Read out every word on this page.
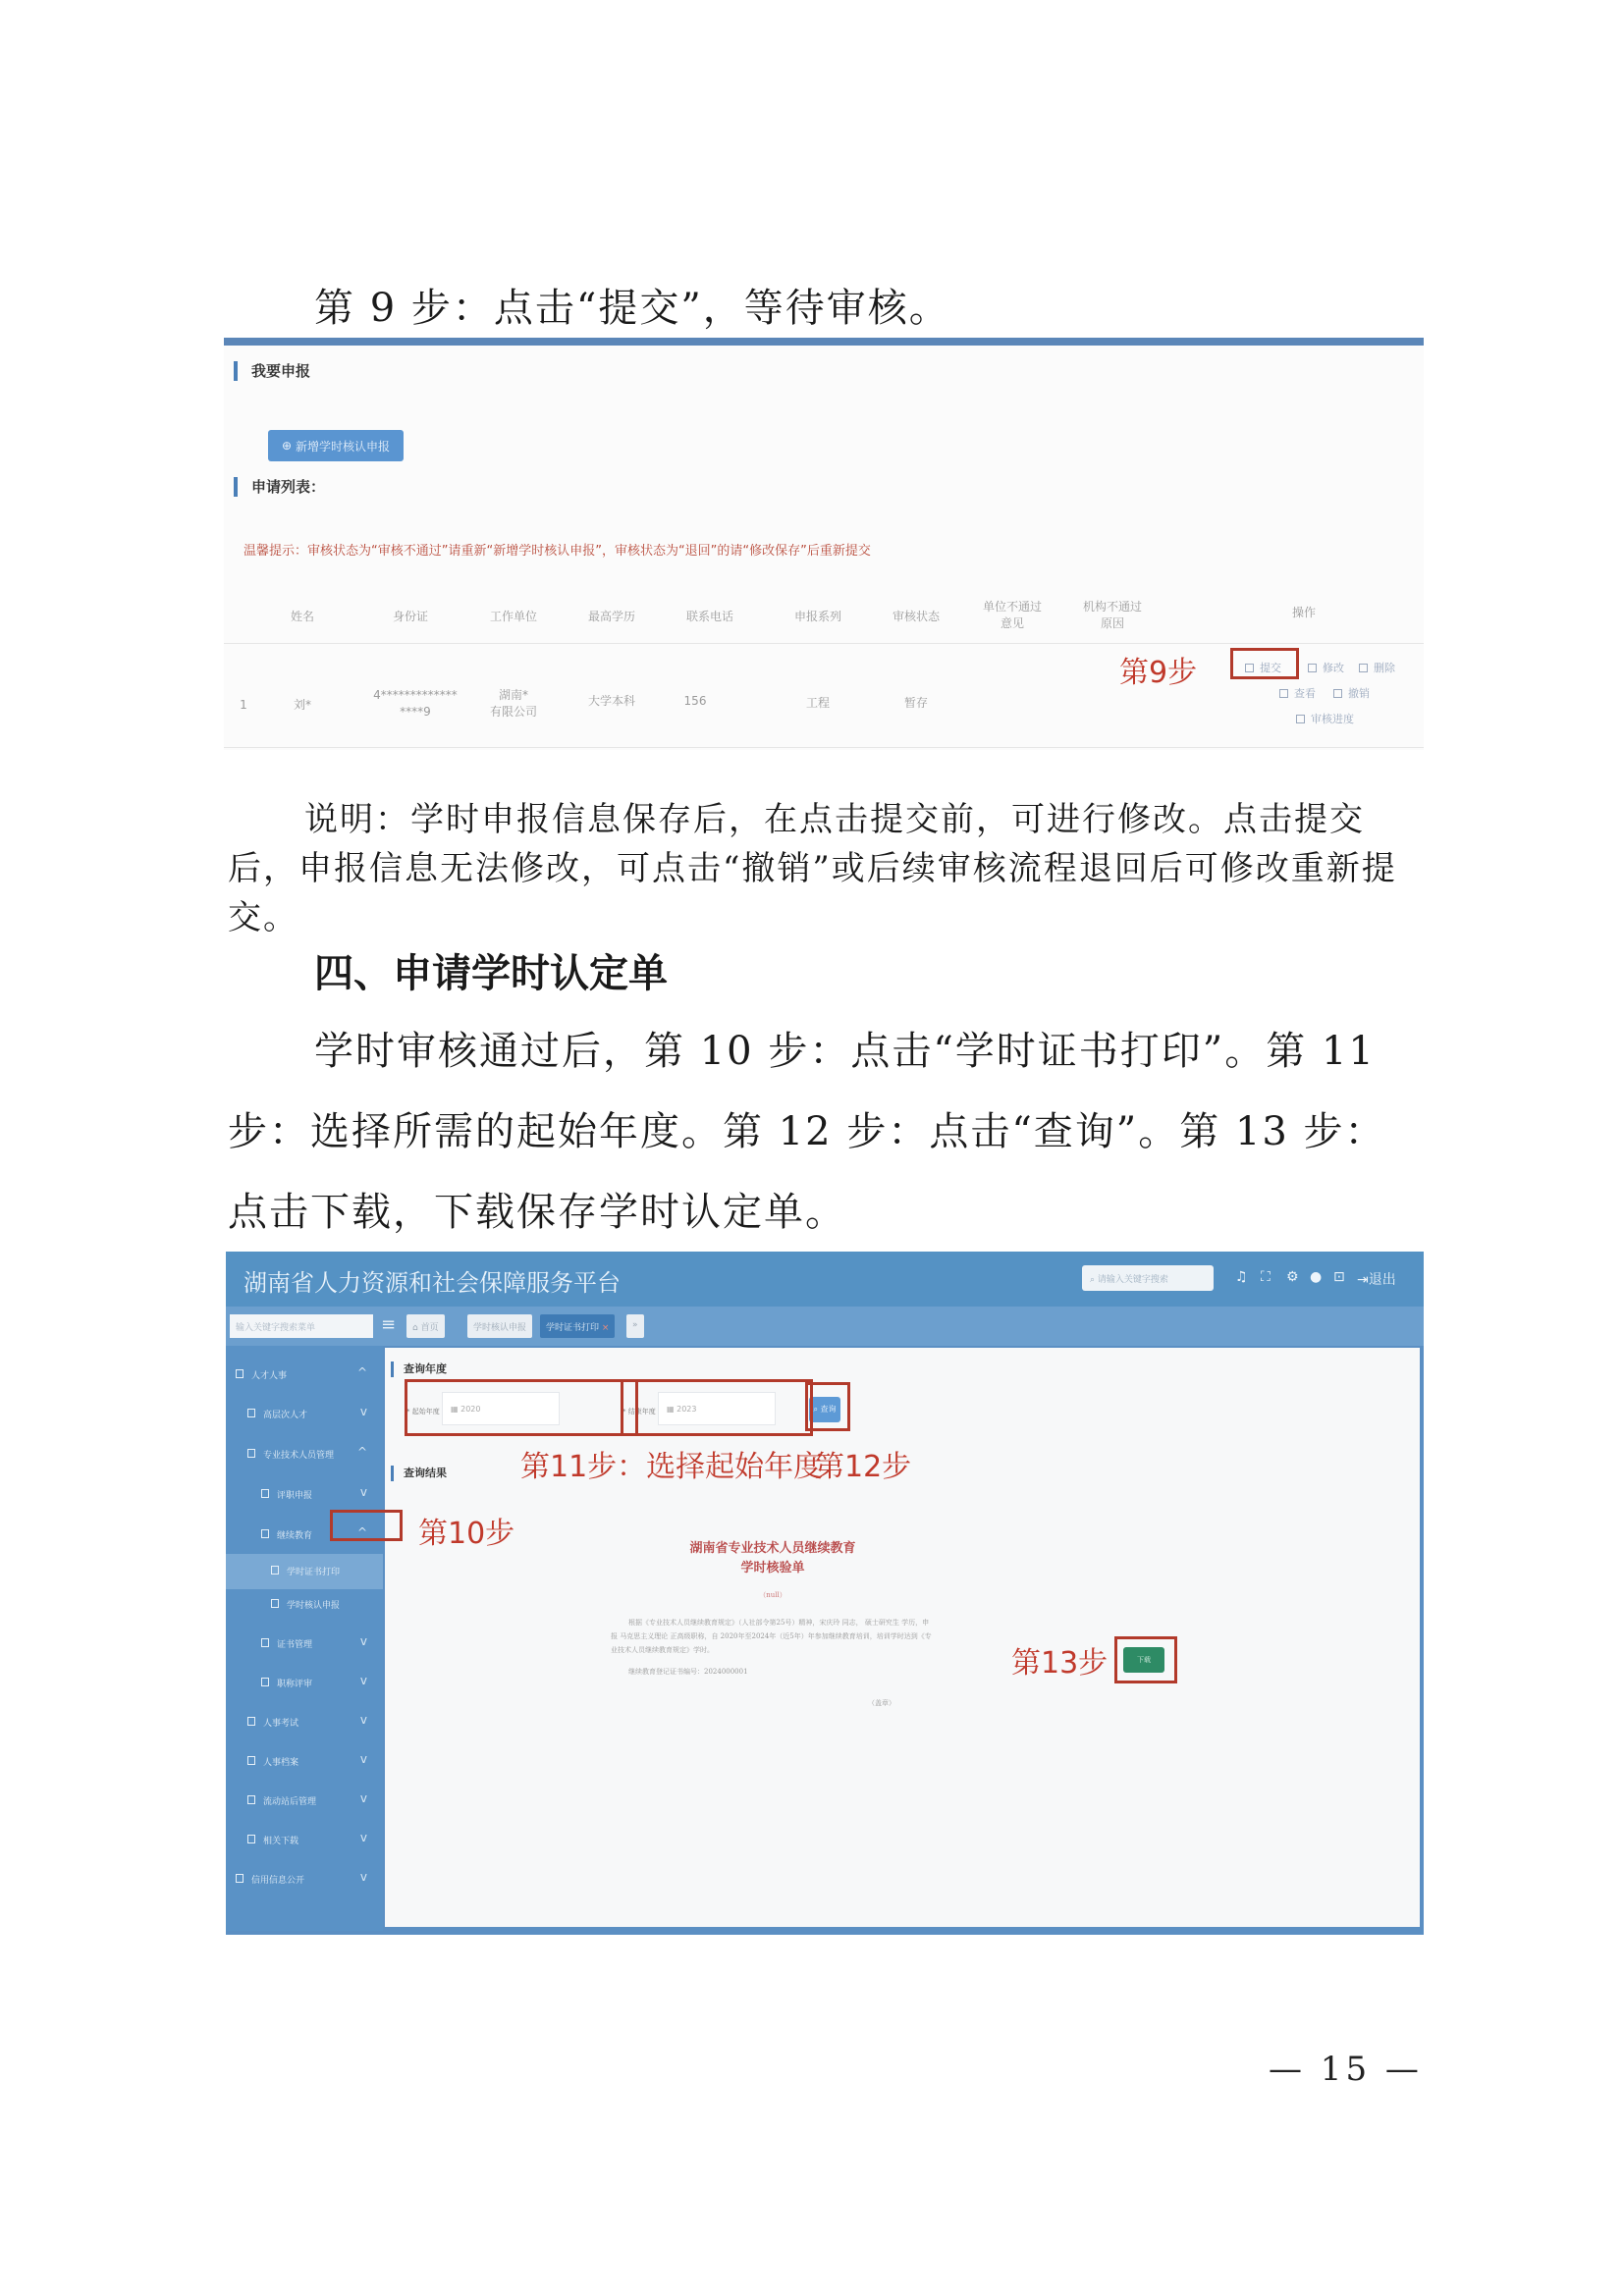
第 9 步：点击“提交”，等待审核。
我要申报
⊕ 新增学时核认申报
申请列表：
温馨提示：审核状态为“审核不通过”请重新“新增学时核认申报”，审核状态为“退回”的请“修改保存”后重新提交
姓名	身份证	工作单位	最高学历	联系电话	申报系列	审核状态
单位不通过意见
机构不通过原因
操作
1	刘*
4*************
****9
湖南*
有限公司
大学本科	156	工程	暂存
提交	修改	删除
查看	撤销
审核进度
第9步
说明：学时申报信息保存后，在点击提交前，可进行修改。点击提交后，申报信息无法修改，可点击“撤销”或后续审核流程退回后可修改重新提交。
四、申请学时认定单
学时审核通过后，第 10 步：点击“学时证书打印”。第 11 步：选择所需的起始年度。第 12 步：点击“查询”。第 13 步：点击下载，下载保存学时认定单。
湖南省人力资源和社会保障服务平台	⌕ 请输入关键字搜索	♫ ⛶ ⚙ ● ⊡ ⇥退出
输入关键字搜索菜单	≡	⌂ 首页	学时核认申报	学时证书打印 ×	»
人才人事	^
高层次人才	v
专业技术人员管理 ^
评职申报	v
继续教育	^
学时证书打印
学时核认申报
证书管理	v
职称评审	v
人事考试	v
人事档案	v
流动站后管理	v
相关下载	v
信用信息公开	v
查询年度
* 起始年度	▦ 2020	* 结束年度	▦ 2023	⌕ 查询
查询结果
湖南省专业技术人员继续教育
学时核验单
（null）
根据《专业技术人员继续教育规定》（人社部令第25号）精神，宋庆玲 同志， 硕士研究生 学历，申报 马克思主义理论 正高级职称，自 2020年至2024年（近5年）年参加继续教育培训，培训学时达到《专业技术人员继续教育规定》学时。
继续教育登记证书编号：2024000001
（盖章）
下载
第10步
第11步：选择起始年度
第12步
第13步
— 15 —
